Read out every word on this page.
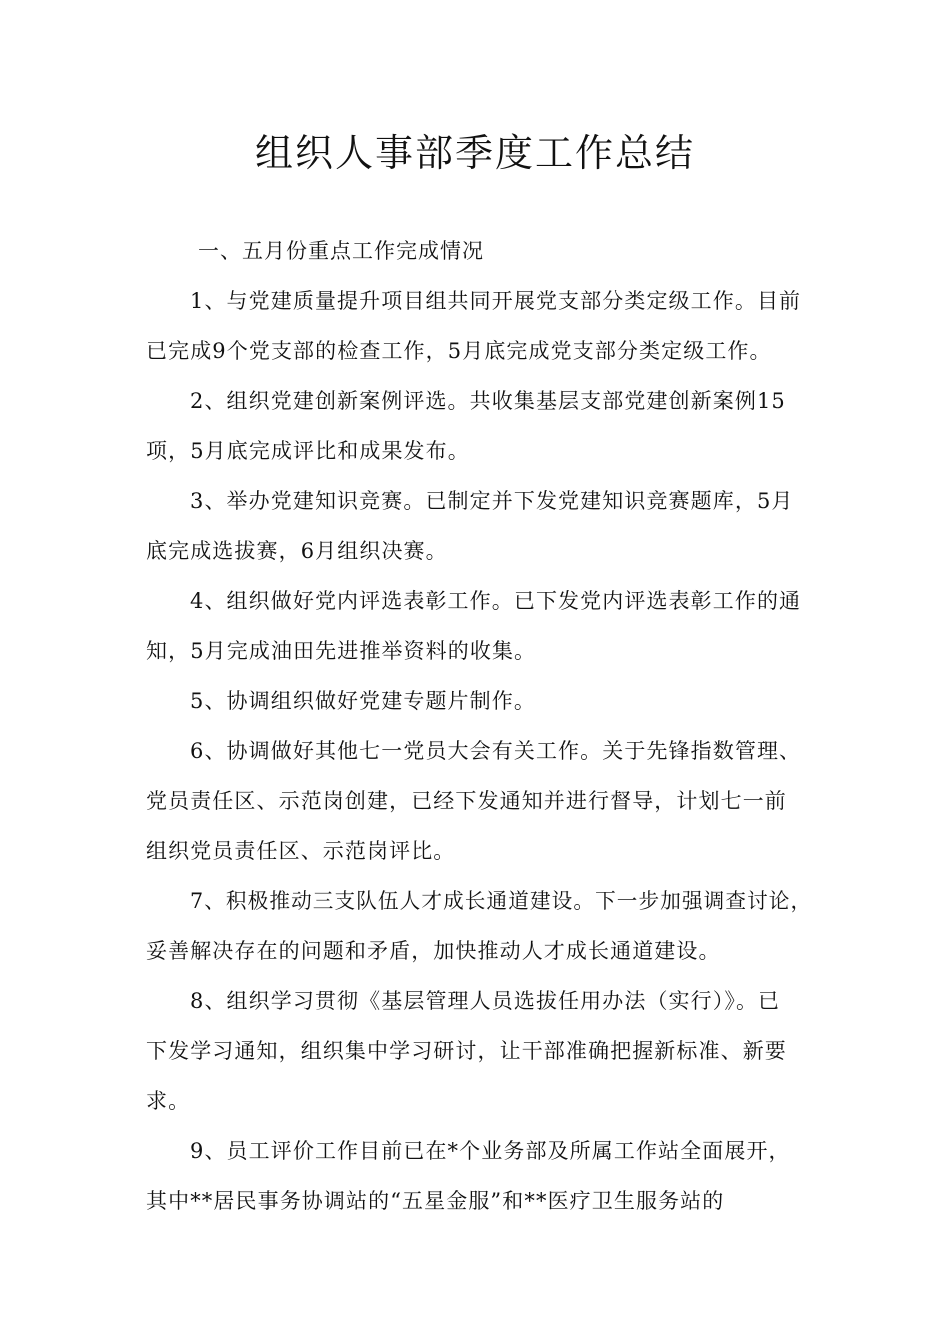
组织人事部季度工作总结
一、五月份重点工作完成情况
1、与党建质量提升项目组共同开展党支部分类定级工作。目前
已完成9个党支部的检查工作，5月底完成党支部分类定级工作。
2、组织党建创新案例评选。共收集基层支部党建创新案例15
项，5月底完成评比和成果发布。
3、举办党建知识竞赛。已制定并下发党建知识竞赛题库，5月
底完成选拔赛，6月组织决赛。
4、组织做好党内评选表彰工作。已下发党内评选表彰工作的通
知，5月完成油田先进推举资料的收集。
5、协调组织做好党建专题片制作。
6、协调做好其他七一党员大会有关工作。关于先锋指数管理、
党员责任区、示范岗创建，已经下发通知并进行督导，计划七一前
组织党员责任区、示范岗评比。
7、积极推动三支队伍人才成长通道建设。下一步加强调查讨论，
妥善解决存在的问题和矛盾，加快推动人才成长通道建设。
8、组织学习贯彻《基层管理人员选拔任用办法（实行）》。已
下发学习通知，组织集中学习研讨，让干部准确把握新标准、新要
求。
9、员工评价工作目前已在*个业务部及所属工作站全面展开，
其中**居民事务协调站的“五星金服”和**医疗卫生服务站的
